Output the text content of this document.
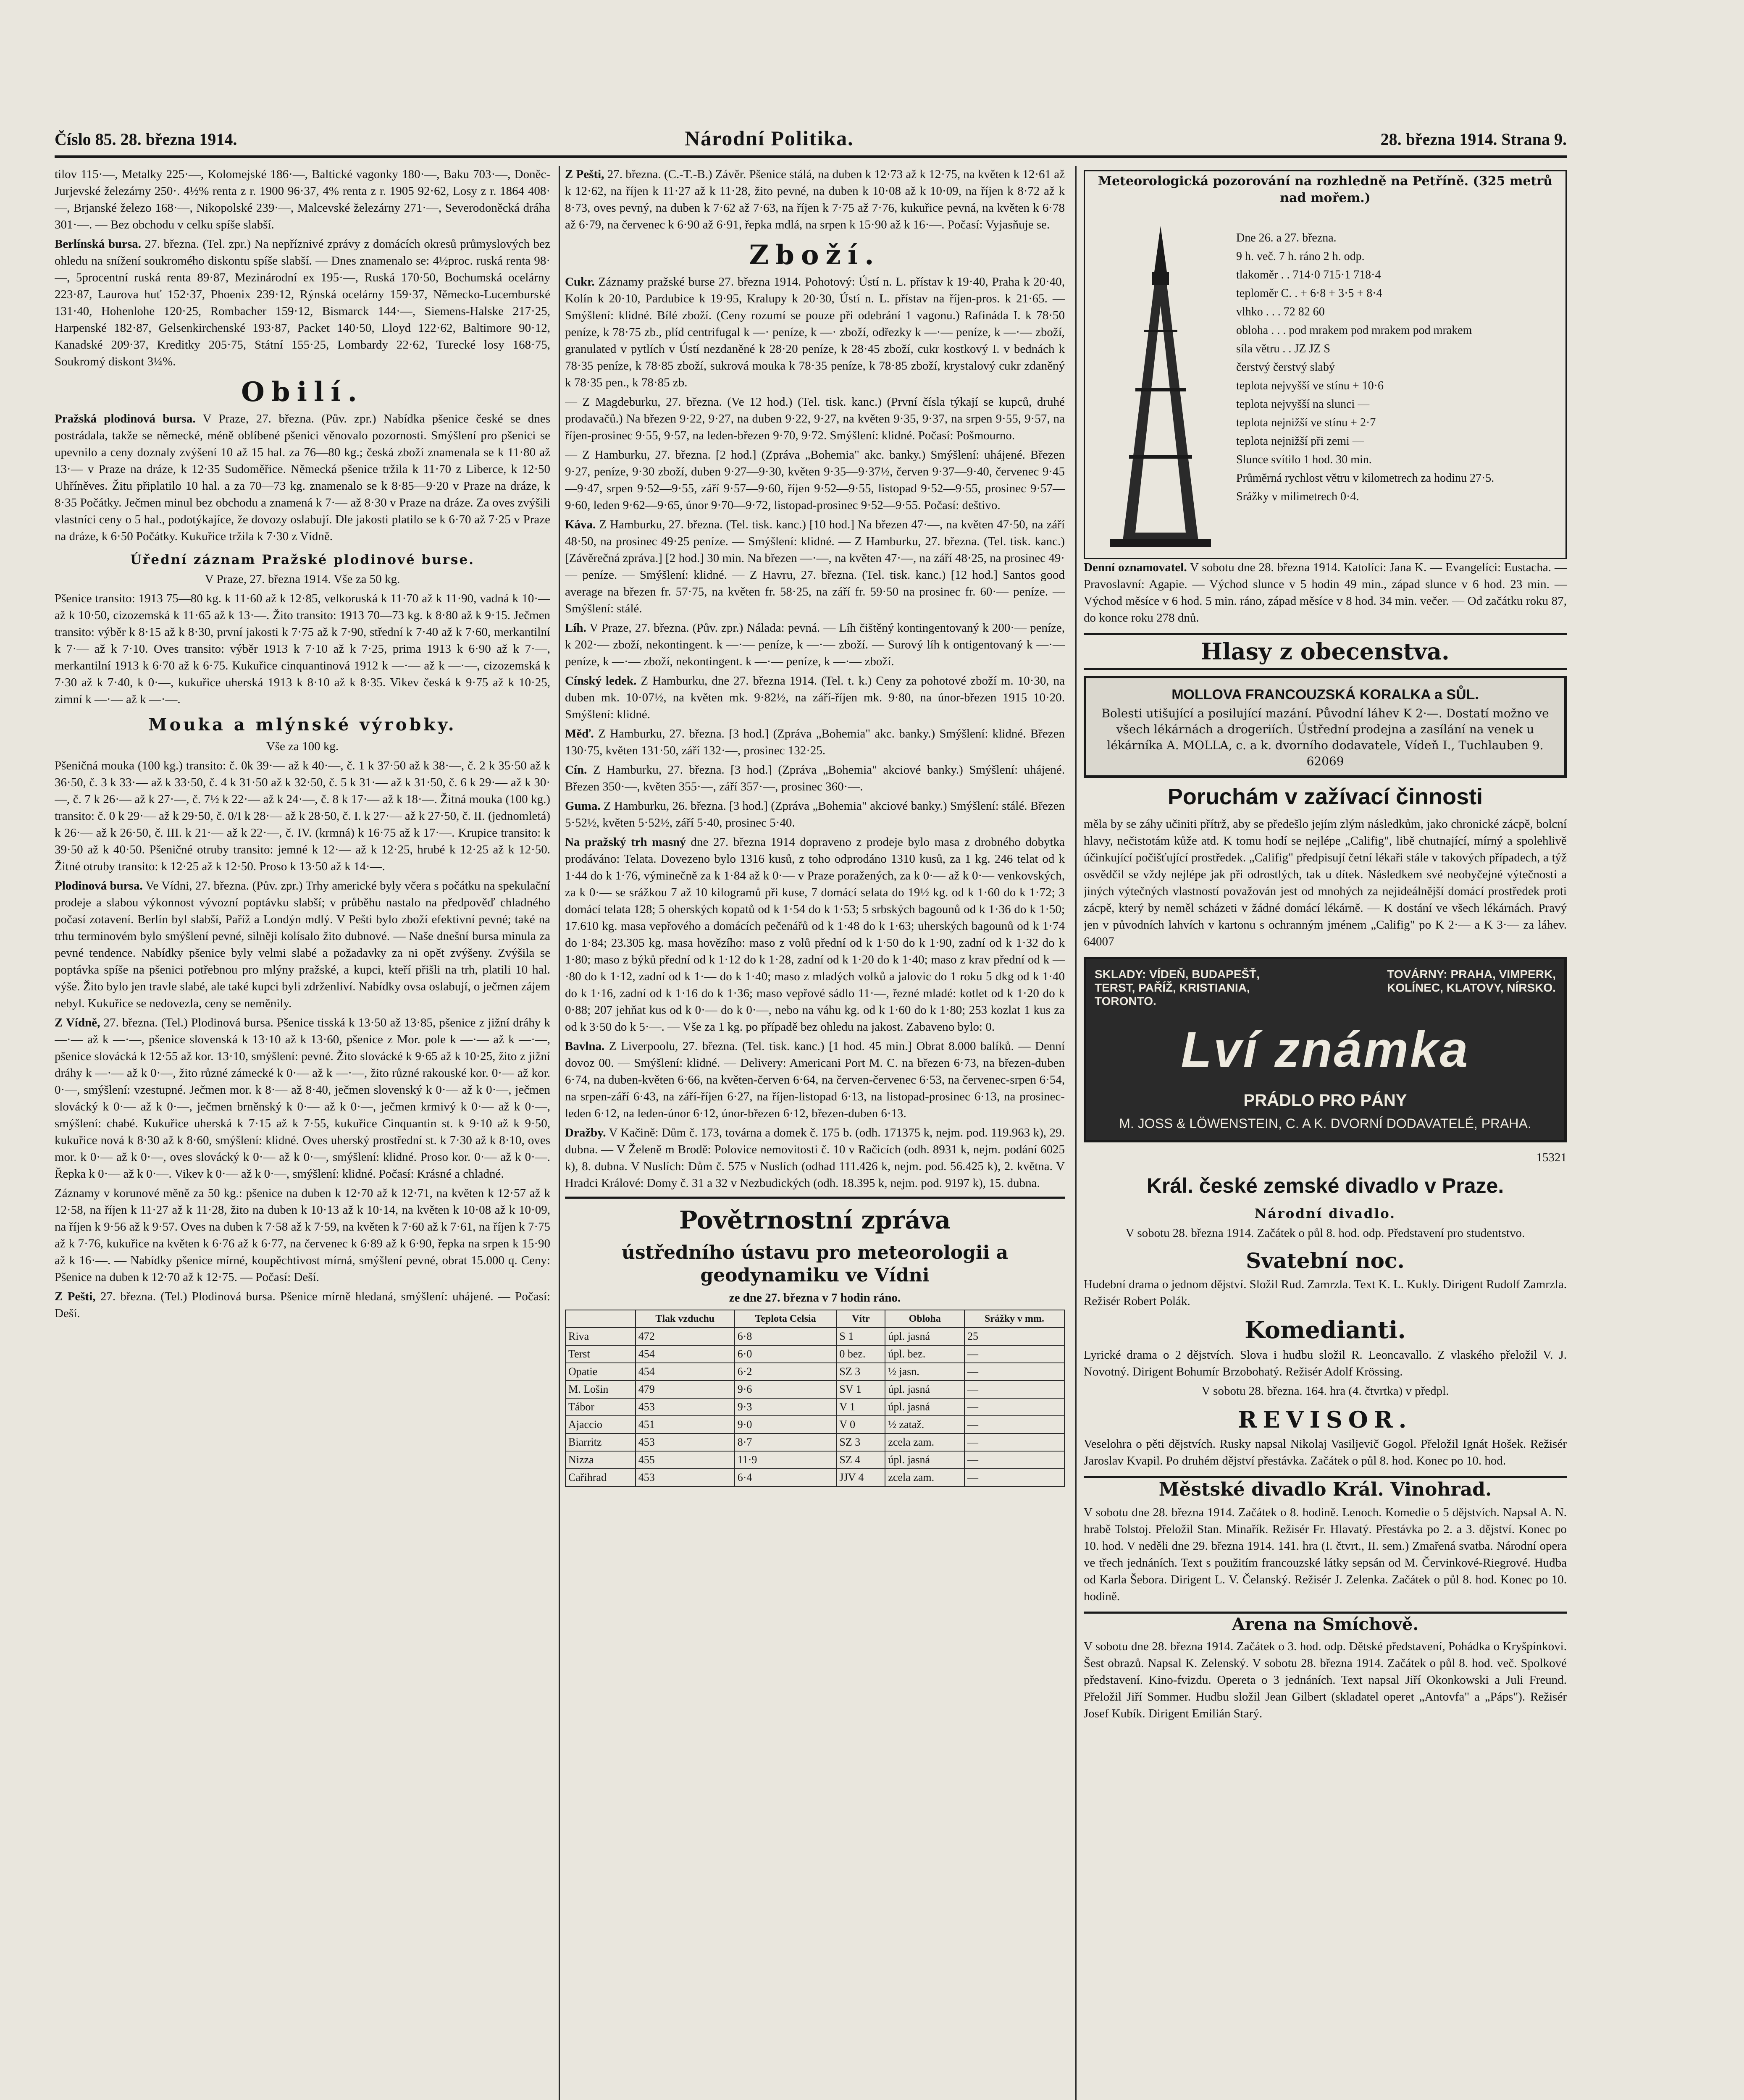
Číslo 85. 28. března 1914.	Národní Politika.	28. března 1914. Strana 9.

tilov 115·—, Metalky 225·—, Kolomejské 186·—, Baltické vagonky 180·—, Baku 703·—, Doněc-Jurjevské železárny 250·. 4½% renta z r. 1900 96·37, 4% renta z r. 1905 92·62, Losy z r. 1864 408·—, Brjanské železo 168·—, Nikopolské 239·—, Malcevské železárny 271·—, Severodoněcká dráha 301·—. — Bez obchodu v celku spíše slabší.

Berlínská bursa. 27. března. (Tel. zpr.) Na nepříznivé zprávy z domácích okresů průmyslových bez ohledu na snížení soukromého diskontu spíše slabší. — Dnes znamenalo se: 4½proc. ruská renta 98·—, 5procentní ruská renta 89·87, Mezinárodní ex 195·—, Ruská 170·50, Bochumská ocelárny 223·87, Laurova huť 152·37, Phoenix 239·12, Rýnská ocelárny 159·37, Německo-Lucemburské 131·40, Hohenlohe 120·25, Rombacher 159·12, Bismarck 144·—, Siemens-Halske 217·25, Harpenské 182·87, Gelsenkirchenské 193·87, Packet 140·50, Lloyd 122·62, Baltimore 90·12, Kanadské 209·37, Kreditky 205·75, Státní 155·25, Lombardy 22·62, Turecké losy 168·75, Soukromý diskont 3¼%.

Obilí.

Pražská plodinová bursa. V Praze, 27. března. (Pův. zpr.) Nabídka pšenice české se dnes postrádala, takže se německé, méně oblíbené pšenici věnovalo pozornosti. Smýšlení pro pšenici se upevnilo a ceny doznaly zvýšení 10 až 15 hal. za 76—80 kg.; česká zboží znamenala se k 11·80 až 13·— v Praze na dráze, k 12·35 Sudoměřice. Německá pšenice tržila k 11·70 z Liberce, k 12·50 Uhříněves. Žitu připlatilo 10 hal. a za 70—73 kg. znamenalo se k 8·85—9·20 v Praze na dráze, k 8·35 Počátky. Ječmen minul bez obchodu a znamená k 7·— až 8·30 v Praze na dráze. Za oves zvýšili vlastníci ceny o 5 hal., podotýkajíce, že dovozy oslabují. Dle jakosti platilo se k 6·70 až 7·25 v Praze na dráze, k 6·50 Počátky. Kukuřice tržila k 7·30 z Vídně.

Úřední záznam Pražské plodinové burse.

V Praze, 27. března 1914. Vše za 50 kg.

Pšenice transito: 1913 75—80 kg. k 11·60 až k 12·85, velkoruská k 11·70 až k 11·90, vadná k 10·— až k 10·50, cizozemská k 11·65 až k 13·—. Žito transito: 1913 70—73 kg. k 8·80 až k 9·15. Ječmen transito: výběr k 8·15 až k 8·30, první jakosti k 7·75 až k 7·90, střední k 7·40 až k 7·60, merkantilní k 7·— až k 7·10. Oves transito: výběr 1913 k 7·10 až k 7·25, prima 1913 k 6·90 až k 7·—, merkantilní 1913 k 6·70 až k 6·75. Kukuřice cinquantinová 1912 k —·— až k —·—, cizozemská k 7·30 až k 7·40, k 0·—, kukuřice uherská 1913 k 8·10 až k 8·35. Vikev česká k 9·75 až k 10·25, zimní k —·— až k —·—.

Mouka a mlýnské výrobky.

Vše za 100 kg.

Pšeničná mouka (100 kg.) transito: č. 0k 39·— až k 40·—, č. 1 k 37·50 až k 38·—, č. 2 k 35·50 až k 36·50, č. 3 k 33·— až k 33·50, č. 4 k 31·50 až k 32·50, č. 5 k 31·— až k 31·50, č. 6 k 29·— až k 30·—, č. 7 k 26·— až k 27·—, č. 7½ k 22·— až k 24·—, č. 8 k 17·— až k 18·—. Žitná mouka (100 kg.) transito: č. 0 k 29·— až k 29·50, č. 0/I k 28·— až k 28·50, č. I. k 27·— až k 27·50, č. II. (jednomletá) k 26·— až k 26·50, č. III. k 21·— až k 22·—, č. IV. (krmná) k 16·75 až k 17·—. Krupice transito: k 39·50 až k 40·50. Pšeničné otruby transito: jemné k 12·— až k 12·25, hrubé k 12·25 až k 12·50. Žitné otruby transito: k 12·25 až k 12·50. Proso k 13·50 až k 14·—.

Plodinová bursa. Ve Vídni, 27. března. (Pův. zpr.) Trhy americké byly včera s počátku na spekulační prodeje a slabou výkonnost vývozní poptávku slabší; v průběhu nastalo na předpověď chladného počasí zotavení. Berlín byl slabší, Paříž a Londýn mdlý. V Pešti bylo zboží efektivní pevné; také na trhu terminovém bylo smýšlení pevné, silněji kolísalo žito dubnové. — Naše dnešní bursa minula za pevné tendence. Nabídky pšenice byly velmi slabé a požadavky za ni opět zvýšeny. Zvýšila se poptávka spíše na pšenici potřebnou pro mlýny pražské, a kupci, kteří přišli na trh, platili 10 hal. výše. Žito bylo jen travle slabé, ale také kupci byli zdrženliví. Nabídky ovsa oslabují, o ječmen zájem nebyl. Kukuřice se nedovezla, ceny se neměnily.

Z Vídně, 27. března. (Tel.) Plodinová bursa. Pšenice tisská k 13·50 až 13·85, pšenice z jižní dráhy k —·— až k —·—, pšenice slovenská k 13·10 až k 13·60, pšenice z Mor. pole k —·— až k —·—, pšenice slovácká k 12·55 až kor. 13·10, smýšlení: pevné. Žito slovácké k 9·65 až k 10·25, žito z jižní dráhy k —·— až k 0·—, žito různé zámecké k 0·— až k —·—, žito různé rakouské kor. 0·— až kor. 0·—, smýšlení: vzestupné. Ječmen mor. k 8·— až 8·40, ječmen slovenský k 0·— až k 0·—, ječmen slovácký k 0·— až k 0·—, ječmen brněnský k 0·— až k 0·—, ječmen krmivý k 0·— až k 0·—, smýšlení: chabé. Kukuřice uherská k 7·15 až k 7·55, kukuřice Cinquantin st. k 9·10 až k 9·50, kukuřice nová k 8·30 až k 8·60, smýšlení: klidné. Oves uherský prostřední st. k 7·30 až k 8·10, oves mor. k 0·— až k 0·—, oves slovácký k 0·— až k 0·—, smýšlení: klidné. Proso kor. 0·— až k 0·—. Řepka k 0·— až k 0·—. Vikev k 0·— až k 0·—, smýšlení: klidné. Počasí: Krásné a chladné.

Záznamy v korunové měně za 50 kg.: pšenice na duben k 12·70 až k 12·71, na květen k 12·57 až k 12·58, na říjen k 11·27 až k 11·28, žito na duben k 10·13 až k 10·14, na květen k 10·08 až k 10·09, na říjen k 9·56 až k 9·57. Oves na duben k 7·58 až k 7·59, na květen k 7·60 až k 7·61, na říjen k 7·75 až k 7·76, kukuřice na květen k 6·76 až k 6·77, na červenec k 6·89 až k 6·90, řepka na srpen k 15·90 až k 16·—. — Nabídky pšenice mírné, koupěchtivost mírná, smýšlení pevné, obrat 15.000 q. Ceny: Pšenice na duben k 12·70 až k 12·75. — Počasí: Deší.

Z Pešti, 27. března. (Tel.) Plodinová bursa. Pšenice mírně hledaná, smýšlení: uhájené. — Počasí: Deší.

Z Pešti, 27. března. (C.-T.-B.) Závěr. Pšenice stálá, na duben k 12·73 až k 12·75, na květen k 12·61 až k 12·62, na říjen k 11·27 až k 11·28, žito pevné, na duben k 10·08 až k 10·09, na říjen k 8·72 až k 8·73, oves pevný, na duben k 7·62 až 7·63, na říjen k 7·75 až 7·76, kukuřice pevná, na květen k 6·78 až 6·79, na červenec k 6·90 až 6·91, řepka mdlá, na srpen k 15·90 až k 16·—. Počasí: Vyjasňuje se.

Zboží.

Cukr. Záznamy pražské burse 27. března 1914. Pohotový: Ústí n. L. přístav k 19·40, Praha k 20·40, Kolín k 20·10, Pardubice k 19·95, Kralupy k 20·30, Ústí n. L. přístav na říjen-pros. k 21·65. — Smýšlení: klidné. Bílé zboží. (Ceny rozumí se pouze při odebrání 1 vagonu.) Rafináda I. k 78·50 peníze, k 78·75 zb., plíd centrifugal k —· peníze, k —· zboží, odřezky k —·— peníze, k —·— zboží, granulated v pytlích v Ústí nezdaněné k 28·20 peníze, k 28·45 zboží, cukr kostkový I. v bednách k 78·35 peníze, k 78·85 zboží, sukrová mouka k 78·35 peníze, k 78·85 zboží, krystalový cukr zdaněný k 78·35 pen., k 78·85 zb.

— Z Magdeburku, 27. března. (Ve 12 hod.) (Tel. tisk. kanc.) (První čísla týkají se kupců, druhé prodavačů.) Na březen 9·22, 9·27, na duben 9·22, 9·27, na květen 9·35, 9·37, na srpen 9·55, 9·57, na říjen-prosinec 9·55, 9·57, na leden-březen 9·70, 9·72. Smýšlení: klidné. Počasí: Pošmourno.

— Z Hamburku, 27. března. [2 hod.] (Zpráva „Bohemia" akc. banky.) Smýšlení: uhájené. Březen 9·27, peníze, 9·30 zboží, duben 9·27—9·30, květen 9·35—9·37½, červen 9·37—9·40, červenec 9·45—9·47, srpen 9·52—9·55, září 9·57—9·60, říjen 9·52—9·55, listopad 9·52—9·55, prosinec 9·57—9·60, leden 9·62—9·65, únor 9·70—9·72, listopad-prosinec 9·52—9·55. Počasí: deštivo.

Káva. Z Hamburku, 27. března. (Tel. tisk. kanc.) [10 hod.] Na březen 47·—, na květen 47·50, na září 48·50, na prosinec 49·25 peníze. — Smýšlení: klidné. — Z Hamburku, 27. března. (Tel. tisk. kanc.) [Závěrečná zpráva.] [2 hod.] 30 min. Na březen —·—, na květen 47·—, na září 48·25, na prosinec 49·— peníze. — Smýšlení: klidné. — Z Havru, 27. března. (Tel. tisk. kanc.) [12 hod.] Santos good average na březen fr. 57·75, na květen fr. 58·25, na září fr. 59·50 na prosinec fr. 60·— peníze. — Smýšlení: stálé.

Líh. V Praze, 27. března. (Pův. zpr.) Nálada: pevná. — Líh čištěný kontingentovaný k 200·— peníze, k 202·— zboží, nekontingent. k —·— peníze, k —·— zboží. — Surový líh k ontigentovaný k —·— peníze, k —·— zboží, nekontingent. k —·— peníze, k —·— zboží.

Cínský ledek. Z Hamburku, dne 27. března 1914. (Tel. t. k.) Ceny za pohotové zboží m. 10·30, na duben mk. 10·07½, na květen mk. 9·82½, na září-říjen mk. 9·80, na únor-březen 1915 10·20. Smýšlení: klidné.

Měď. Z Hamburku, 27. března. [3 hod.] (Zpráva „Bohemia" akc. banky.) Smýšlení: klidné. Březen 130·75, květen 131·50, září 132·—, prosinec 132·25.

Cín. Z Hamburku, 27. března. [3 hod.] (Zpráva „Bohemia" akciové banky.) Smýšlení: uhájené. Březen 350·—, květen 355·—, září 357·—, prosinec 360·—.

Guma. Z Hamburku, 26. března. [3 hod.] (Zpráva „Bohemia" akciové banky.) Smýšlení: stálé. Březen 5·52½, květen 5·52½, září 5·40, prosinec 5·40.

Na pražský trh masný dne 27. března 1914 dopraveno z prodeje bylo masa z drobného dobytka prodáváno: Telata. Dovezeno bylo 1316 kusů, z toho odprodáno 1310 kusů, za 1 kg. 246 telat od k 1·44 do k 1·76, výminečně za k 1·84 až k 0·— v Praze poražených, za k 0·— až k 0·— venkovských, za k 0·— se srážkou 7 až 10 kilogramů při kuse, 7 domácí selata do 19½ kg. od k 1·60 do k 1·72; 3 domácí telata 128; 5 oherských kopatů od k 1·54 do k 1·53; 5 srbských bagounů od k 1·36 do k 1·50; 17.610 kg. masa vepřového a domácích pečenářů od k 1·48 do k 1·63; uherských bagounů od k 1·74 do 1·84; 23.305 kg. masa hovězího: maso z volů přední od k 1·50 do k 1·90, zadní od k 1·32 do k 1·80; maso z býků přední od k 1·12 do k 1·28, zadní od k 1·20 do k 1·40; maso z krav přední od k —·80 do k 1·12, zadní od k 1·— do k 1·40; maso z mladých volků a jalovic do 1 roku 5 dkg od k 1·40 do k 1·16, zadní od k 1·16 do k 1·36; maso vepřové sádlo 11·—, řezné mladé: kotlet od k 1·20 do k 0·88; 207 jehňat kus od k 0·— do k 0·—, nebo na váhu kg. od k 1·60 do k 1·80; 253 kozlat 1 kus za od k 3·50 do k 5·—. — Vše za 1 kg. po případě bez ohledu na jakost. Zabaveno bylo: 0.

Bavlna. Z Liverpoolu, 27. března. (Tel. tisk. kanc.) [1 hod. 45 min.] Obrat 8.000 balíků. — Denní dovoz 00. — Smýšlení: klidné. — Delivery: Americani Port M. C. na březen 6·73, na březen-duben 6·74, na duben-květen 6·66, na květen-červen 6·64, na červen-červenec 6·53, na červenec-srpen 6·54, na srpen-září 6·43, na září-říjen 6·27, na říjen-listopad 6·13, na listopad-prosinec 6·13, na prosinec-leden 6·12, na leden-únor 6·12, únor-březen 6·12, březen-duben 6·13.

Dražby. V Kačině: Dům č. 173, továrna a domek č. 175 b. (odh. 171375 k, nejm. pod. 119.963 k), 29. dubna. — V Želeně m Brodě: Polovice nemovitosti č. 10 v Račicích (odh. 8931 k, nejm. podání 6025 k), 8. dubna. V Nuslích: Dům č. 575 v Nuslích (odhad 111.426 k, nejm. pod. 56.425 k), 2. května. V Hradci Králové: Domy č. 31 a 32 v Nezbudických (odh. 18.395 k, nejm. pod. 9197 k), 15. dubna.

Povětrnostní zpráva
ústředního ústavu pro meteorologii a geodynamiku ve Vídni

ze dne 27. března v 7 hodin ráno.

	Tlak vzduchu	Teplota Celsia	Vítr	Obloha	Srážky v mm.
Riva	472	6·8	S 1	úpl. jasná	25
Terst	454	6·0	0 bez.	úpl. bez.	—
Opatie	454	6·2	SZ 3	½ jasn.	—
M. Lošin	479	9·6	SV 1	úpl. jasná	—
Tábor	453	9·3	V 1	úpl. jasná	—
Ajaccio	451	9·0	V 0	½ zataž.	—
Biarritz	453	8·7	SZ 3	zcela zam.	—
Nizza	455	11·9	SZ 4	úpl. jasná	—
Cařihrad	453	6·4	JJV 4	zcela zam.	—
Meteorologická pozorování na rozhledně na Petříně. (325 metrů nad mořem.)

Dne 26. a 27. března.

9 h. več. 7 h. ráno 2 h. odp.

tlakoměr . . 714·0 715·1 718·4

teploměr C. . + 6·8 + 3·5 + 8·4

vlhko . . . 72 82 60

obloha . . . pod mrakem pod mrakem pod mrakem

síla větru . . JZ JZ S

čerstvý čerstvý slabý

teplota nejvyšší ve stínu + 10·6

teplota nejvyšší na slunci —

teplota nejnižší ve stínu + 2·7

teplota nejnižší při zemi —

Slunce svítilo 1 hod. 30 min.

Průměrná rychlost větru v kilometrech za hodinu 27·5.

Srážky v milimetrech 0·4.

Denní oznamovatel. V sobotu dne 28. března 1914. Katolíci: Jana K. — Evangelíci: Eustacha. — Pravoslavní: Agapie. — Východ slunce v 5 hodin 49 min., západ slunce v 6 hod. 23 min. — Východ měsíce v 6 hod. 5 min. ráno, západ měsíce v 8 hod. 34 min. večer. — Od začátku roku 87, do konce roku 278 dnů.

Hlasy z obecenstva.
MOLLOVA FRANCOUZSKÁ KORALKA a SŮL.
Bolesti utišující a posilující mazání. Původní láhev K 2·—. Dostatí možno ve všech lékárnách a drogeriích. Ústřední prodejna a zasílání na venek u lékárníka A. MOLLA, c. a k. dvorního dodavatele, Vídeň I., Tuchlauben 9. 62069
Poruchám v zažívací činnosti

měla by se záhy učiniti přítrž, aby se předešlo jejím zlým následkům, jako chronické zácpě, bolcní hlavy, nečistotám kůže atd. K tomu hodí se nejlépe „Califig", libě chutnající, mírný a spolehlivě účinkující počišťující prostředek. „Califig" předpisují četní lékaři stále v takových případech, a týž osvědčil se vždy nejlépe jak při odrostlých, tak u dítek. Následkem své neobyčejné výtečnosti a jiných výtečných vlastností považován jest od mnohých za nejideálnější domácí prostředek proti zácpě, který by neměl scházeti v žádné domácí lékárně. — K dostání ve všech lékárnách. Pravý jen v původních lahvích v kartonu s ochranným jménem „Califig" po K 2·— a K 3·— za láhev. 64007

SKLADY: VÍDEŇ, BUDAPEŠŤ, TERST, PAŘÍŽ, KRISTIANIA, TORONTO.
TOVÁRNY: PRAHA, VIMPERK, KOLÍNEC, KLATOVY, NÍRSKO.
Lví známka
PRÁDLO PRO PÁNY
M. JOSS & LÖWENSTEIN, C. A K. DVORNÍ DODAVATELÉ, PRAHA.

15321

Král. české zemské divadlo v Praze.
Národní divadlo.

V sobotu 28. března 1914. Začátek o půl 8. hod. odp. Představení pro studentstvo.

Svatební noc.

Hudební drama o jednom dějství. Složil Rud. Zamrzla. Text K. L. Kukly. Dirigent Rudolf Zamrzla. Režisér Robert Polák.

Komedianti.

Lyrické drama o 2 dějstvích. Slova i hudbu složil R. Leoncavallo. Z vlaského přeložil V. J. Novotný. Dirigent Bohumír Brzobohatý. Režisér Adolf Krössing.

V sobotu 28. března. 164. hra (4. čtvrtka) v předpl.

REVISOR.

Veselohra o pěti dějstvích. Rusky napsal Nikolaj Vasiljevič Gogol. Přeložil Ignát Hošek. Režisér Jaroslav Kvapil. Po druhém dějství přestávka. Začátek o půl 8. hod. Konec po 10. hod.

Městské divadlo Král. Vinohrad.

V sobotu dne 28. března 1914. Začátek o 8. hodině. Lenoch. Komedie o 5 dějstvích. Napsal A. N. hrabě Tolstoj. Přeložil Stan. Minařík. Režisér Fr. Hlavatý. Přestávka po 2. a 3. dějství. Konec po 10. hod. V neděli dne 29. března 1914. 141. hra (I. čtvrt., II. sem.) Zmařená svatba. Národní opera ve třech jednáních. Text s použitím francouzské látky sepsán od M. Červinkové-Riegrové. Hudba od Karla Šebora. Dirigent L. V. Čelanský. Režisér J. Zelenka. Začátek o půl 8. hod. Konec po 10. hodině.

Arena na Smíchově.

V sobotu dne 28. března 1914. Začátek o 3. hod. odp. Dětské představení, Pohádka o Kryšpínkovi. Šest obrazů. Napsal K. Zelenský. V sobotu 28. března 1914. Začátek o půl 8. hod. več. Spolkové představení. Kino-fvizdu. Opereta o 3 jednáních. Text napsal Jiří Okonkowski a Juli Freund. Přeložil Jiří Sommer. Hudbu složil Jean Gilbert (skladatel operet „Antovfa" a „Páps"). Režisér Josef Kubík. Dirigent Emilián Starý.
